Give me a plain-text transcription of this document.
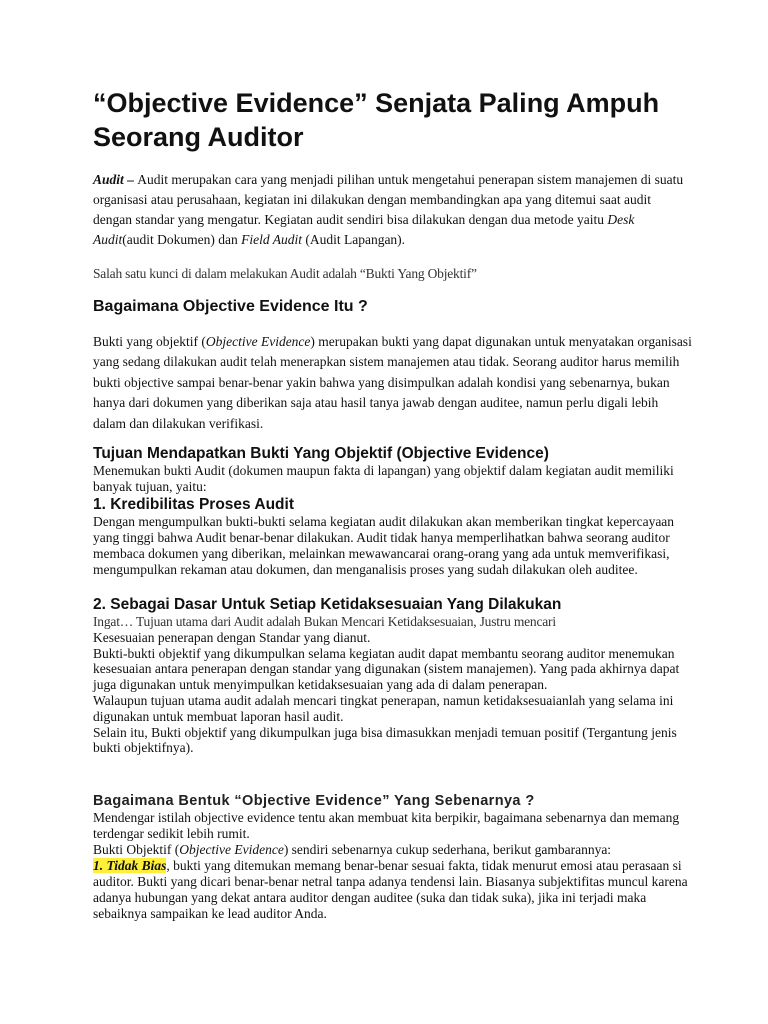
“Objective Evidence” Senjata Paling Ampuh Seorang Auditor

Audit – Audit merupakan cara yang menjadi pilihan untuk mengetahui penerapan sistem manajemen di suatu organisasi atau perusahaan, kegiatan ini dilakukan dengan membandingkan apa yang ditemui saat audit dengan standar yang mengatur. Kegiatan audit sendiri bisa dilakukan dengan dua metode yaitu Desk Audit(audit Dokumen) dan Field Audit (Audit Lapangan).

Salah satu kunci di dalam melakukan Audit adalah “Bukti Yang Objektif”

Bagaimana Objective Evidence Itu ?

Bukti yang objektif (Objective Evidence) merupakan bukti yang dapat digunakan untuk menyatakan organisasi yang sedang dilakukan audit telah menerapkan sistem manajemen atau tidak. Seorang auditor harus memilih bukti objective sampai benar-benar yakin bahwa yang disimpulkan adalah kondisi yang sebenarnya, bukan hanya dari dokumen yang diberikan saja atau hasil tanya jawab dengan auditee, namun perlu digali lebih dalam dan dilakukan verifikasi.

Tujuan Mendapatkan Bukti Yang Objektif (Objective Evidence)

Menemukan bukti Audit (dokumen maupun fakta di lapangan) yang objektif dalam kegiatan audit memiliki banyak tujuan, yaitu:

1. Kredibilitas Proses Audit

Dengan mengumpulkan bukti-bukti selama kegiatan audit dilakukan akan memberikan tingkat kepercayaan yang tinggi bahwa Audit benar-benar dilakukan. Audit tidak hanya memperlihatkan bahwa seorang auditor membaca dokumen yang diberikan, melainkan mewawancarai orang-orang yang ada untuk memverifikasi, mengumpulkan rekaman atau dokumen, dan menganalisis proses yang sudah dilakukan oleh auditee.

2. Sebagai Dasar Untuk Setiap Ketidaksesuaian Yang Dilakukan

Ingat… Tujuan utama dari Audit adalah Bukan Mencari Ketidaksesuaian, Justru mencari

Kesesuaian penerapan dengan Standar yang dianut.

Bukti-bukti objektif yang dikumpulkan selama kegiatan audit dapat membantu seorang auditor menemukan kesesuaian antara penerapan dengan standar yang digunakan (sistem manajemen). Yang pada akhirnya dapat juga digunakan untuk menyimpulkan ketidaksesuaian yang ada di dalam penerapan.

Walaupun tujuan utama audit adalah mencari tingkat penerapan, namun ketidaksesuaianlah yang selama ini digunakan untuk membuat laporan hasil audit.

Selain itu, Bukti objektif yang dikumpulkan juga bisa dimasukkan menjadi temuan positif (Tergantung jenis bukti objektifnya).

Bagaimana Bentuk “Objective Evidence” Yang Sebenarnya ?

Mendengar istilah objective evidence tentu akan membuat kita berpikir, bagaimana sebenarnya dan memang terdengar sedikit lebih rumit.

Bukti Objektif (Objective Evidence) sendiri sebenarnya cukup sederhana, berikut gambarannya:

1. Tidak Bias, bukti yang ditemukan memang benar-benar sesuai fakta, tidak menurut emosi atau perasaan si auditor. Bukti yang dicari benar-benar netral tanpa adanya tendensi lain. Biasanya subjektifitas muncul karena adanya hubungan yang dekat antara auditor dengan auditee (suka dan tidak suka), jika ini terjadi maka sebaiknya sampaikan ke lead auditor Anda.
